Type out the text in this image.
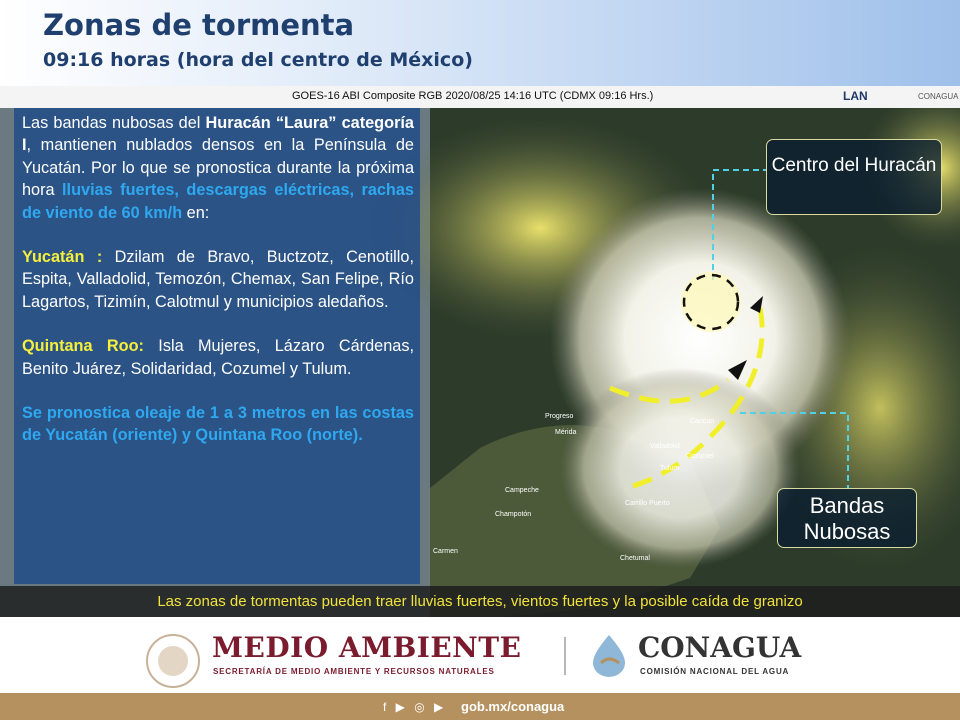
Zonas de tormenta
09:16 horas (hora del centro de México)
GOES-16 ABI Composite RGB 2020/08/25 14:16 UTC (CDMX 09:16 Hrs.)	LAN	CONAGUA
Progreso
Mérida
Valladolid
Cancun
Cozumel
Tulum
Campeche
Champotón
Carrillo Puerto
Carmen
Chetumal

Las bandas nubosas del Huracán “Laura” categoría I, mantienen nublados densos en la Península de Yucatán. Por lo que se pronostica durante la próxima hora lluvias fuertes, descargas eléctricas, rachas de viento de 60 km/h en:

Yucatán : Dzilam de Bravo, Buctzotz, Cenotillo, Espita, Valladolid, Temozón, Chemax, San Felipe, Río Lagartos, Tizimín, Calotmul y municipios aledaños.

Quintana Roo: Isla Mujeres, Lázaro Cárdenas, Benito Juárez, Solidaridad, Cozumel y Tulum.

Se pronostica oleaje de 1 a 3 metros en las costas de Yucatán (oriente) y Quintana Roo (norte).

Centro del Huracán
Bandas Nubosas
Las zonas de tormentas pueden traer lluvias fuertes, vientos fuertes y la posible caída de granizo
MEDIO AMBIENTE
SECRETARÍA DE MEDIO AMBIENTE Y RECURSOS NATURALES
CONAGUA
COMISIÓN NACIONAL DEL AGUA
f ▶ ◎ ▶ gob.mx/conagua
